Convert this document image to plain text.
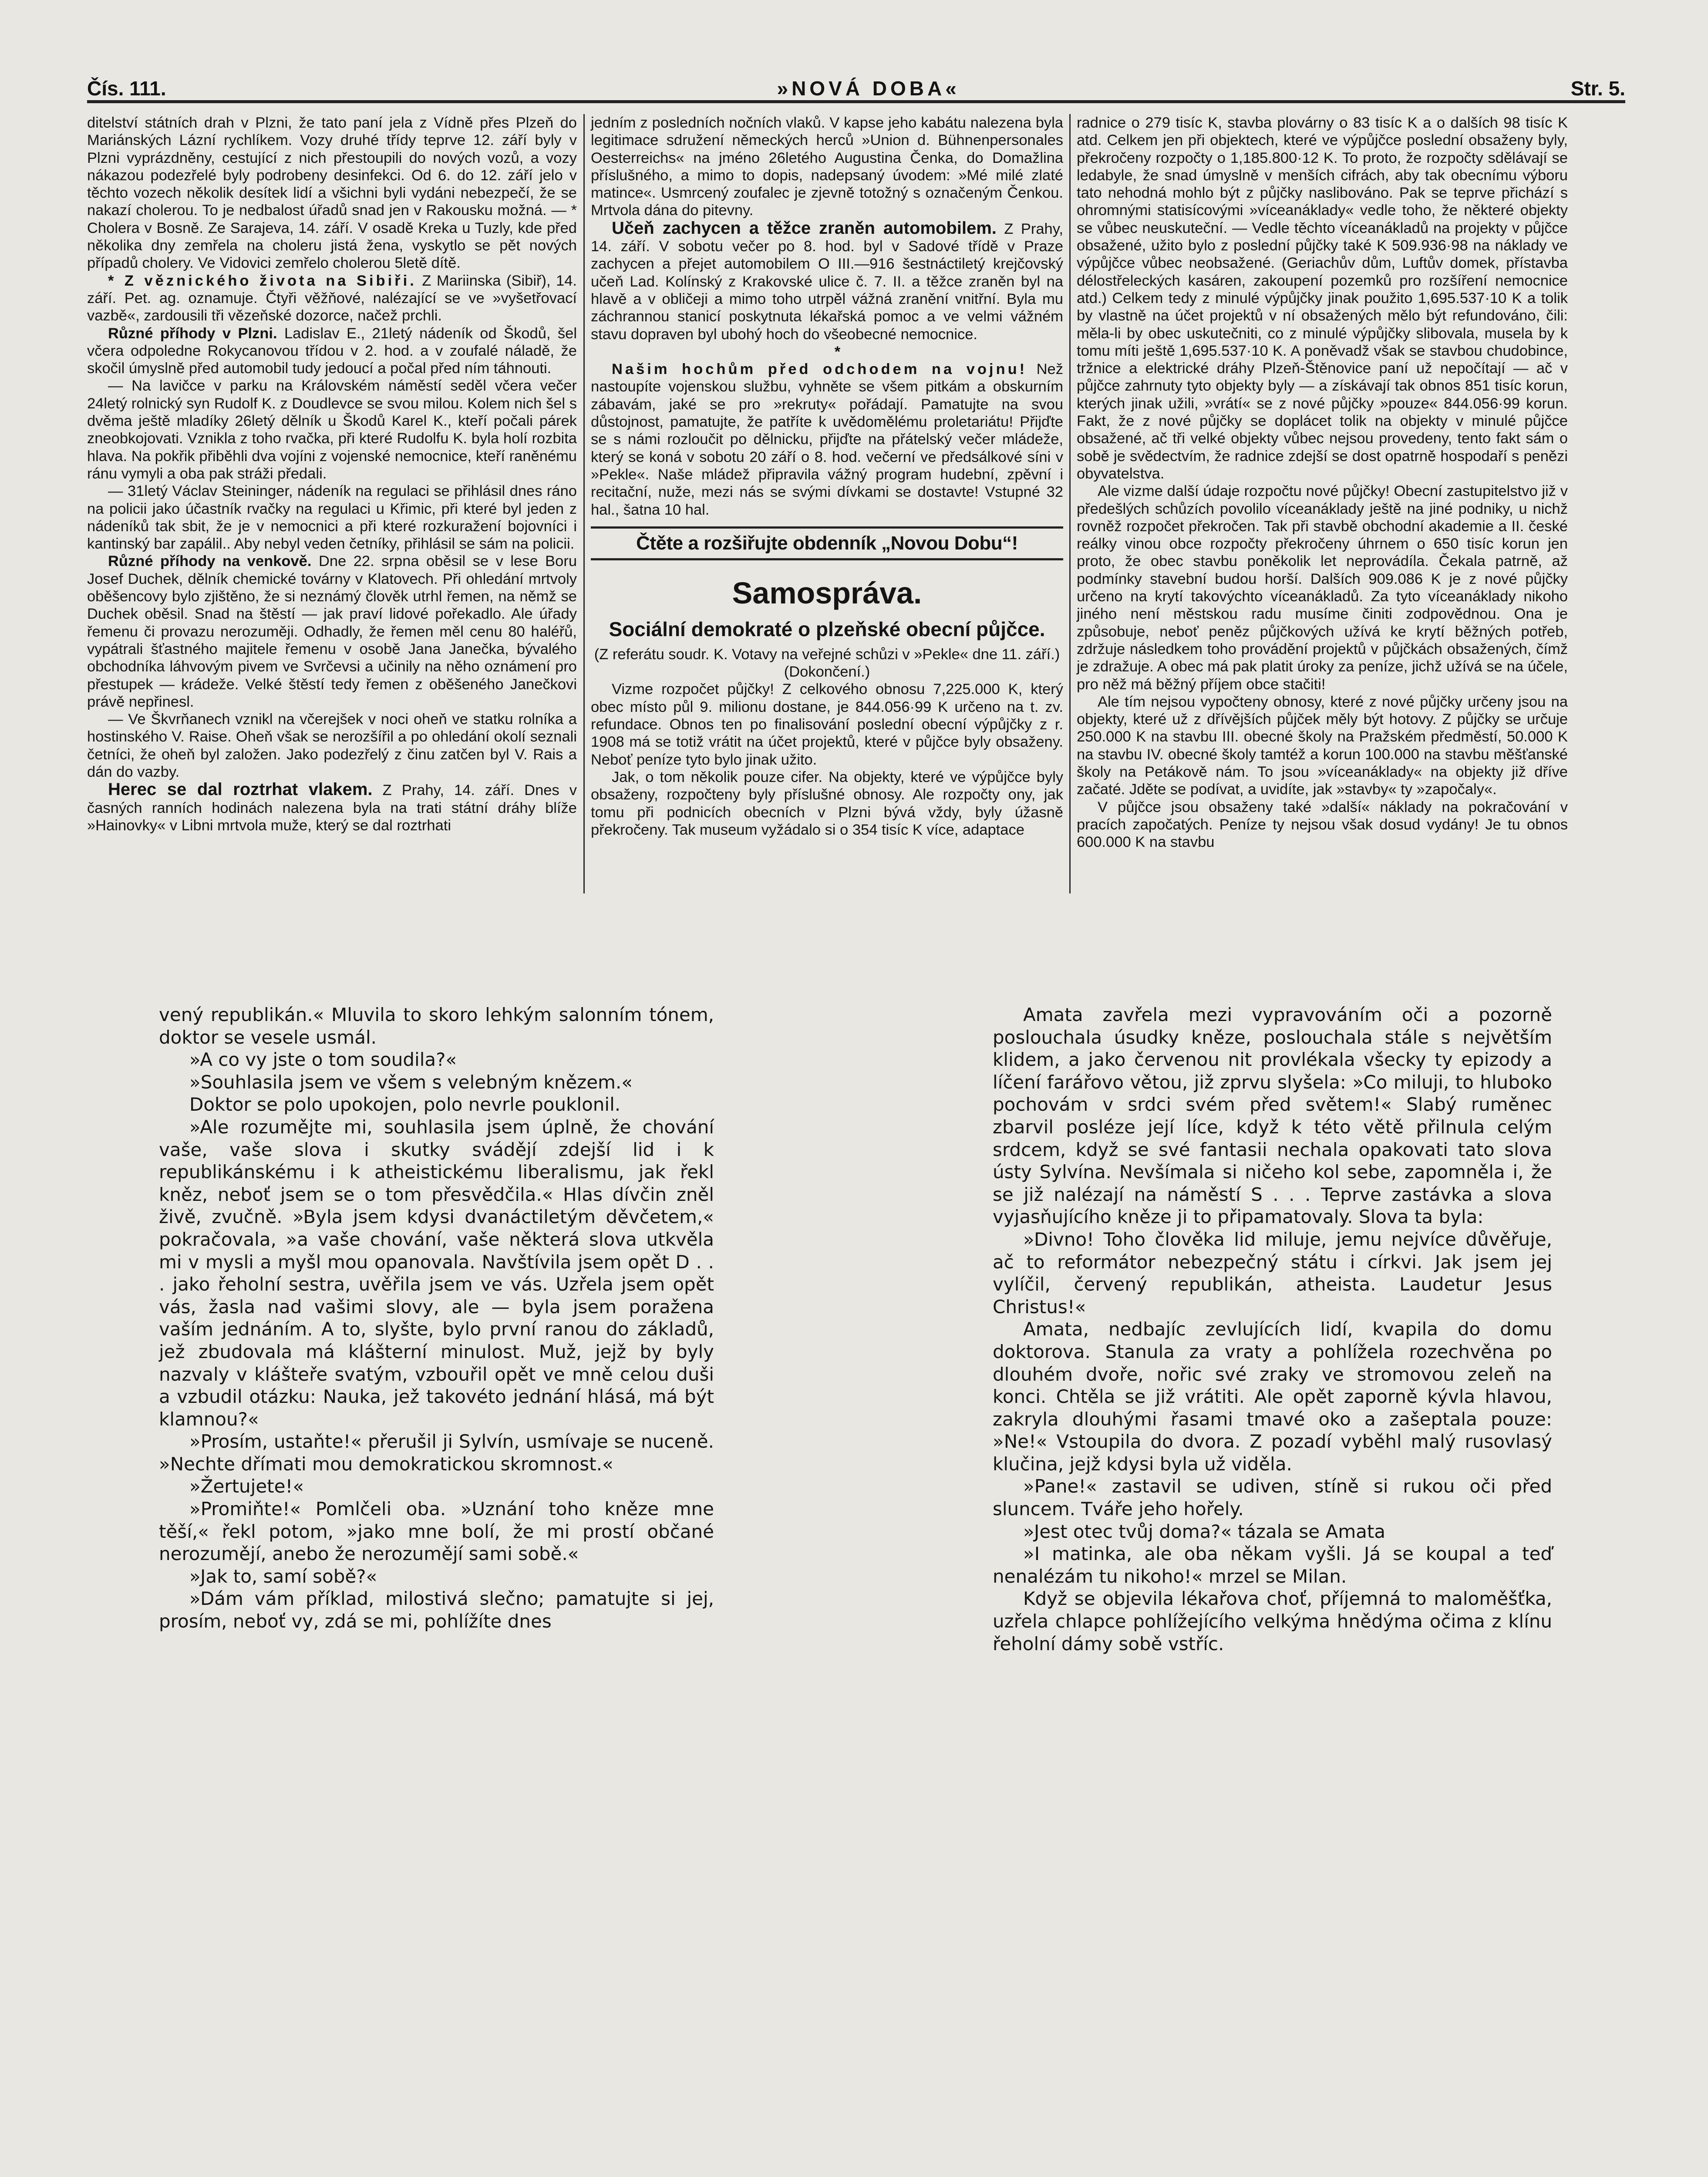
Čís. 111.	»NOVÁ DOBA«	Str. 5.

ditelství státních drah v Plzni, že tato paní jela z Vídně přes Plzeň do Mariánských Lázní rychlíkem. Vozy druhé třídy teprve 12. září byly v Plzni vyprázdněny, cestující z nich přestoupili do nových vozů, a vozy nákazou podezřelé byly podrobeny desinfekci. Od 6. do 12. září jelo v těchto vozech několik desítek lidí a všichni byli vydáni nebezpečí, že se nakazí cholerou. To je nedbalost úřadů snad jen v Rakousku možná. — * Cholera v Bosně. Ze Sarajeva, 14. září. V osadě Kreka u Tuzly, kde před několika dny zemřela na choleru jistá žena, vyskytlo se pět nových případů cholery. Ve Vidovici zemřelo cholerou 5letě dítě.

* Z věznického života na Sibiři. Z Mariinska (Sibiř), 14. září. Pet. ag. oznamuje. Čtyři věžňové, nalézající se ve »vyšetřovací vazbě«, zardousili tři vězeňské dozorce, načež prchli.

Různé příhody v Plzni. Ladislav E., 21letý nádeník od Škodů, šel včera odpoledne Rokycanovou třídou v 2. hod. a v zoufalé náladě, že skočil úmyslně před automobil tudy jedoucí a počal před ním táhnouti.

— Na lavičce v parku na Královském náměstí seděl včera večer 24letý rolnický syn Rudolf K. z Doudlevce se svou milou. Kolem nich šel s dvěma ještě mladíky 26letý dělník u Škodů Karel K., kteří počali párek zneobkojovati. Vznikla z toho rvačka, při které Rudolfu K. byla holí rozbita hlava. Na pokřik přiběhli dva vojíni z vojenské nemocnice, kteří raněnému ránu vymyli a oba pak stráži předali.

— 31letý Václav Steininger, nádeník na regulaci se přihlásil dnes ráno na policii jako účastník rvačky na regulaci u Křimic, při které byl jeden z nádeníků tak sbit, že je v nemocnici a při které rozkuražení bojovníci i kantinský bar zapálil.. Aby nebyl veden četníky, přihlásil se sám na policii.

Různé příhody na venkově. Dne 22. srpna oběsil se v lese Boru Josef Duchek, dělník chemické továrny v Klatovech. Při ohledání mrtvoly oběšencovy bylo zjištěno, že si neznámý člověk utrhl řemen, na němž se Duchek oběsil. Snad na štěstí — jak praví lidové pořekadlo. Ale úřady řemenu či provazu nerozuměji. Odhadly, že řemen měl cenu 80 haléřů, vypátrali šťastného majitele řemenu v osobě Jana Janečka, bývalého obchodníka láhvovým pivem ve Svrčevsi a učinily na něho oznámení pro přestupek — krádeže. Velké štěstí tedy řemen z oběšeného Janečkovi právě nepřinesl.

— Ve Škvrňanech vznikl na včerejšek v noci oheň ve statku rolníka a hostinského V. Raise. Oheň však se nerozšířil a po ohledání okolí seznali četníci, že oheň byl založen. Jako podezřelý z činu zatčen byl V. Rais a dán do vazby.

Herec se dal roztrhat vlakem. Z Prahy, 14. září. Dnes v časných ranních hodinách nalezena byla na trati státní dráhy blíže »Hainovky« v Libni mrtvola muže, který se dal roztrhati

jedním z posledních nočních vlaků. V kapse jeho kabátu nalezena byla legitimace sdružení německých herců »Union d. Bühnenpersonales Oesterreichs« na jméno 26letého Augustina Čenka, do Domažlina příslušného, a mimo to dopis, nadepsaný úvodem: »Mé milé zlaté matince«. Usmrcený zoufalec je zjevně totožný s označeným Čenkou. Mrtvola dána do pitevny.

Učeň zachycen a těžce zraněn automobilem. Z Prahy, 14. září. V sobotu večer po 8. hod. byl v Sadové třídě v Praze zachycen a přejet automobilem O III.—916 šestnáctiletý krejčovský učeň Lad. Kolínský z Krakovské ulice č. 7. II. a těžce zraněn byl na hlavě a v obličeji a mimo toho utrpěl vážná zranění vnitřní. Byla mu záchrannou stanicí poskytnuta lékařská pomoc a ve velmi vážném stavu dopraven byl ubohý hoch do všeobecné nemocnice.

*

Našim hochům před odchodem na vojnu! Než nastoupíte vojenskou službu, vyhněte se všem pitkám a obskurním zábavám, jaké se pro »rekruty« pořádají. Pamatujte na svou důstojnost, pamatujte, že patříte k uvědomělému proletariátu! Přijďte se s námi rozloučit po dělnicku, přijďte na přátelský večer mládeže, který se koná v sobotu 20 září o 8. hod. večerní ve předsálkové síni v »Pekle«. Naše mládež připravila vážný program hudební, zpěvní i recitační, nuže, mezi nás se svými dívkami se dostavte! Vstupné 32 hal., šatna 10 hal.

Čtěte a rozšiřujte obdenník „Novou Dobu“!
Samospráva.
Sociální demokraté o plzeňské obecní půjčce.

(Z referátu soudr. K. Votavy na veřejné schůzi v »Pekle« dne 11. září.)

(Dokončení.)

Vizme rozpočet půjčky! Z celkového obnosu 7,225.000 K, který obec místo půl 9. milionu dostane, je 844.056·99 K určeno na t. zv. refundace. Obnos ten po finalisování poslední obecní výpůjčky z r. 1908 má se totiž vrátit na účet projektů, které v půjčce byly obsaženy. Neboť peníze tyto bylo jinak užito.

Jak, o tom několik pouze cifer. Na objekty, které ve výpůjčce byly obsaženy, rozpočteny byly příslušné obnosy. Ale rozpočty ony, jak tomu při podnicích obecních v Plzni bývá vždy, byly úžasně překročeny. Tak museum vyžádalo si o 354 tisíc K více, adaptace

radnice o 279 tisíc K, stavba plovárny o 83 tisíc K a o dalších 98 tisíc K atd. Celkem jen při objektech, které ve výpůjčce poslední obsaženy byly, překročeny rozpočty o 1,185.800·12 K. To proto, že rozpočty sdělávají se ledabyle, že snad úmyslně v menších cifrách, aby tak obecnímu výboru tato nehodná mohlo být z půjčky naslibováno. Pak se teprve přichází s ohromnými statisícovými »víceanáklady« vedle toho, že některé objekty se vůbec neuskuteční. — Vedle těchto víceanákladů na projekty v půjčce obsažené, užito bylo z poslední půjčky také K 509.936·98 na náklady ve výpůjčce vůbec neobsažené. (Geriachův dům, Luftův domek, přístavba délostřeleckých kasáren, zakoupení pozemků pro rozšíření nemocnice atd.) Celkem tedy z minulé výpůjčky jinak použito 1,695.537·10 K a tolik by vlastně na účet projektů v ní obsažených mělo být refundováno, čili: měla-li by obec uskutečniti, co z minulé výpůjčky slibovala, musela by k tomu míti ještě 1,695.537·10 K. A poněvadž však se stavbou chudobince, tržnice a elektrické dráhy Plzeň-Štěnovice paní už nepočítají — ač v půjčce zahrnuty tyto objekty byly — a získávají tak obnos 851 tisíc korun, kterých jinak užili, »vrátí« se z nové půjčky »pouze« 844.056·99 korun. Fakt, že z nové půjčky se doplácet tolik na objekty v minulé půjčce obsažené, ač tři velké objekty vůbec nejsou provedeny, tento fakt sám o sobě je svědectvím, že radnice zdejší se dost opatrně hospodaří s penězi obyvatelstva.

Ale vizme další údaje rozpočtu nové půjčky! Obecní zastupitelstvo již v předešlých schůzích povolilo víceanáklady ještě na jiné podniky, u nichž rovněž rozpočet překročen. Tak při stavbě obchodní akademie a II. české reálky vinou obce rozpočty překročeny úhrnem o 650 tisíc korun jen proto, že obec stavbu poněkolik let neprovádíla. Čekala patrně, až podmínky stavební budou horší. Dalších 909.086 K je z nové půjčky určeno na krytí takovýchto víceanákladů. Za tyto víceanáklady nikoho jiného není městskou radu musíme činiti zodpovědnou. Ona je způsobuje, neboť peněz půjčkových užívá ke krytí běžných potřeb, zdržuje následkem toho provádění projektů v půjčkách obsažených, čímž je zdražuje. A obec má pak platit úroky za peníze, jichž užívá se na účele, pro něž má běžný příjem obce stačiti!

Ale tím nejsou vypočteny obnosy, které z nové půjčky určeny jsou na objekty, které už z dřívějších půjček měly být hotovy. Z půjčky se určuje 250.000 K na stavbu III. obecné školy na Pražském předměstí, 50.000 K na stavbu IV. obecné školy tamtéž a korun 100.000 na stavbu měšťanské školy na Petákově nám. To jsou »víceanáklady« na objekty již dříve začaté. Jděte se podívat, a uvidíte, jak »stavby« ty »započaly«.

V půjčce jsou obsaženy také »další« náklady na pokračování v pracích započatých. Peníze ty nejsou však dosud vydány! Je tu obnos 600.000 K na stavbu

vený republikán.« Mluvila to skoro lehkým salonním tónem, doktor se vesele usmál.

»A co vy jste o tom soudila?«

»Souhlasila jsem ve všem s velebným knězem.«

Doktor se polo upokojen, polo nevrle pouklonil.

»Ale rozumějte mi, souhlasila jsem úplně, že chování vaše, vaše slova i skutky svádějí zdejší lid i k republikánskému i k atheistickému liberalismu, jak řekl kněz, neboť jsem se o tom přesvědčila.« Hlas dívčin zněl živě, zvučně. »Byla jsem kdysi dvanáctiletým děvčetem,« pokračovala, »a vaše chování, vaše některá slova utkvěla mi v mysli a myšl mou opanovala. Navštívila jsem opět D . . . jako řeholní sestra, uvěřila jsem ve vás. Uzřela jsem opět vás, žasla nad vašimi slovy, ale — byla jsem poražena vaším jednáním. A to, slyšte, bylo první ranou do základů, jež zbudovala má klášterní minulost. Muž, jejž by byly nazvaly v klášteře svatým, vzbouřil opět ve mně celou duši a vzbudil otázku: Nauka, jež takovéto jednání hlásá, má být klamnou?«

»Prosím, ustaňte!« přerušil ji Sylvín, usmívaje se nuceně. »Nechte dřímati mou demokratickou skromnost.«

»Žertujete!«

»Promiňte!« Pomlčeli oba. »Uznání toho kněze mne těší,« řekl potom, »jako mne bolí, že mi prostí občané nerozumějí, anebo že nerozumějí sami sobě.«

»Jak to, samí sobě?«

»Dám vám příklad, milostivá slečno; pamatujte si jej, prosím, neboť vy, zdá se mi, pohlížíte dnes

Amata zavřela mezi vypravováním oči a pozorně poslouchala úsudky kněze, poslouchala stále s největším klidem, a jako červenou nit provlékala všecky ty epizody a líčení farářovo větou, již zprvu slyšela: »Co miluji, to hluboko pochovám v srdci svém před světem!« Slabý ruměnec zbarvil posléze její líce, když k této větě přilnula celým srdcem, když se své fantasii nechala opakovati tato slova ústy Sylvína. Nevšímala si ničeho kol sebe, zapomněla i, že se již nalézají na náměstí S . . . Teprve zastávka a slova vyjasňujícího kněze ji to připamatovaly. Slova ta byla:

»Divno! Toho člověka lid miluje, jemu nejvíce důvěřuje, ač to reformátor nebezpečný státu i církvi. Jak jsem jej vylíčil, červený republikán, atheista. Laudetur Jesus Christus!«

Amata, nedbajíc zevlujících lidí, kvapila do domu doktorova. Stanula za vraty a pohlížela rozechvěna po dlouhém dvoře, nořic své zraky ve stromovou zeleň na konci. Chtěla se již vrátiti. Ale opět zaporně kývla hlavou, zakryla dlouhými řasami tmavé oko a zašeptala pouze: »Ne!« Vstoupila do dvora. Z pozadí vyběhl malý rusovlasý klučina, jejž kdysi byla už viděla.

»Pane!« zastavil se udiven, stíně si rukou oči před sluncem. Tváře jeho hořely.

»Jest otec tvůj doma?« tázala se Amata

»I matinka, ale oba někam vyšli. Já se koupal a teď nenalézám tu nikoho!« mrzel se Milan.

Když se objevila lékařova choť, příjemná to maloměšťka, uzřela chlapce pohlížejícího velkýma hnědýma očima z klínu řeholní dámy sobě vstříc.
